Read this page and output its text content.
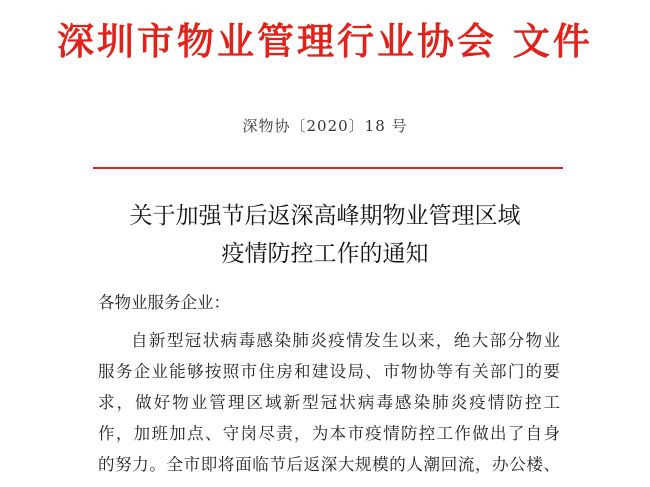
深圳市物业管理行业协会 文件
深物协〔2020〕18 号
关于加强节后返深高峰期物业管理区域
疫情防控工作的通知
各物业服务企业：
自新型冠状病毒感染肺炎疫情发生以来，绝大部分物业
服务企业能够按照市住房和建设局、市物协等有关部门的要
求，做好物业管理区域新型冠状病毒感染肺炎疫情防控工
作，加班加点、守岗尽责，为本市疫情防控工作做出了自身
的努力。全市即将面临节后返深大规模的人潮回流，办公楼、
